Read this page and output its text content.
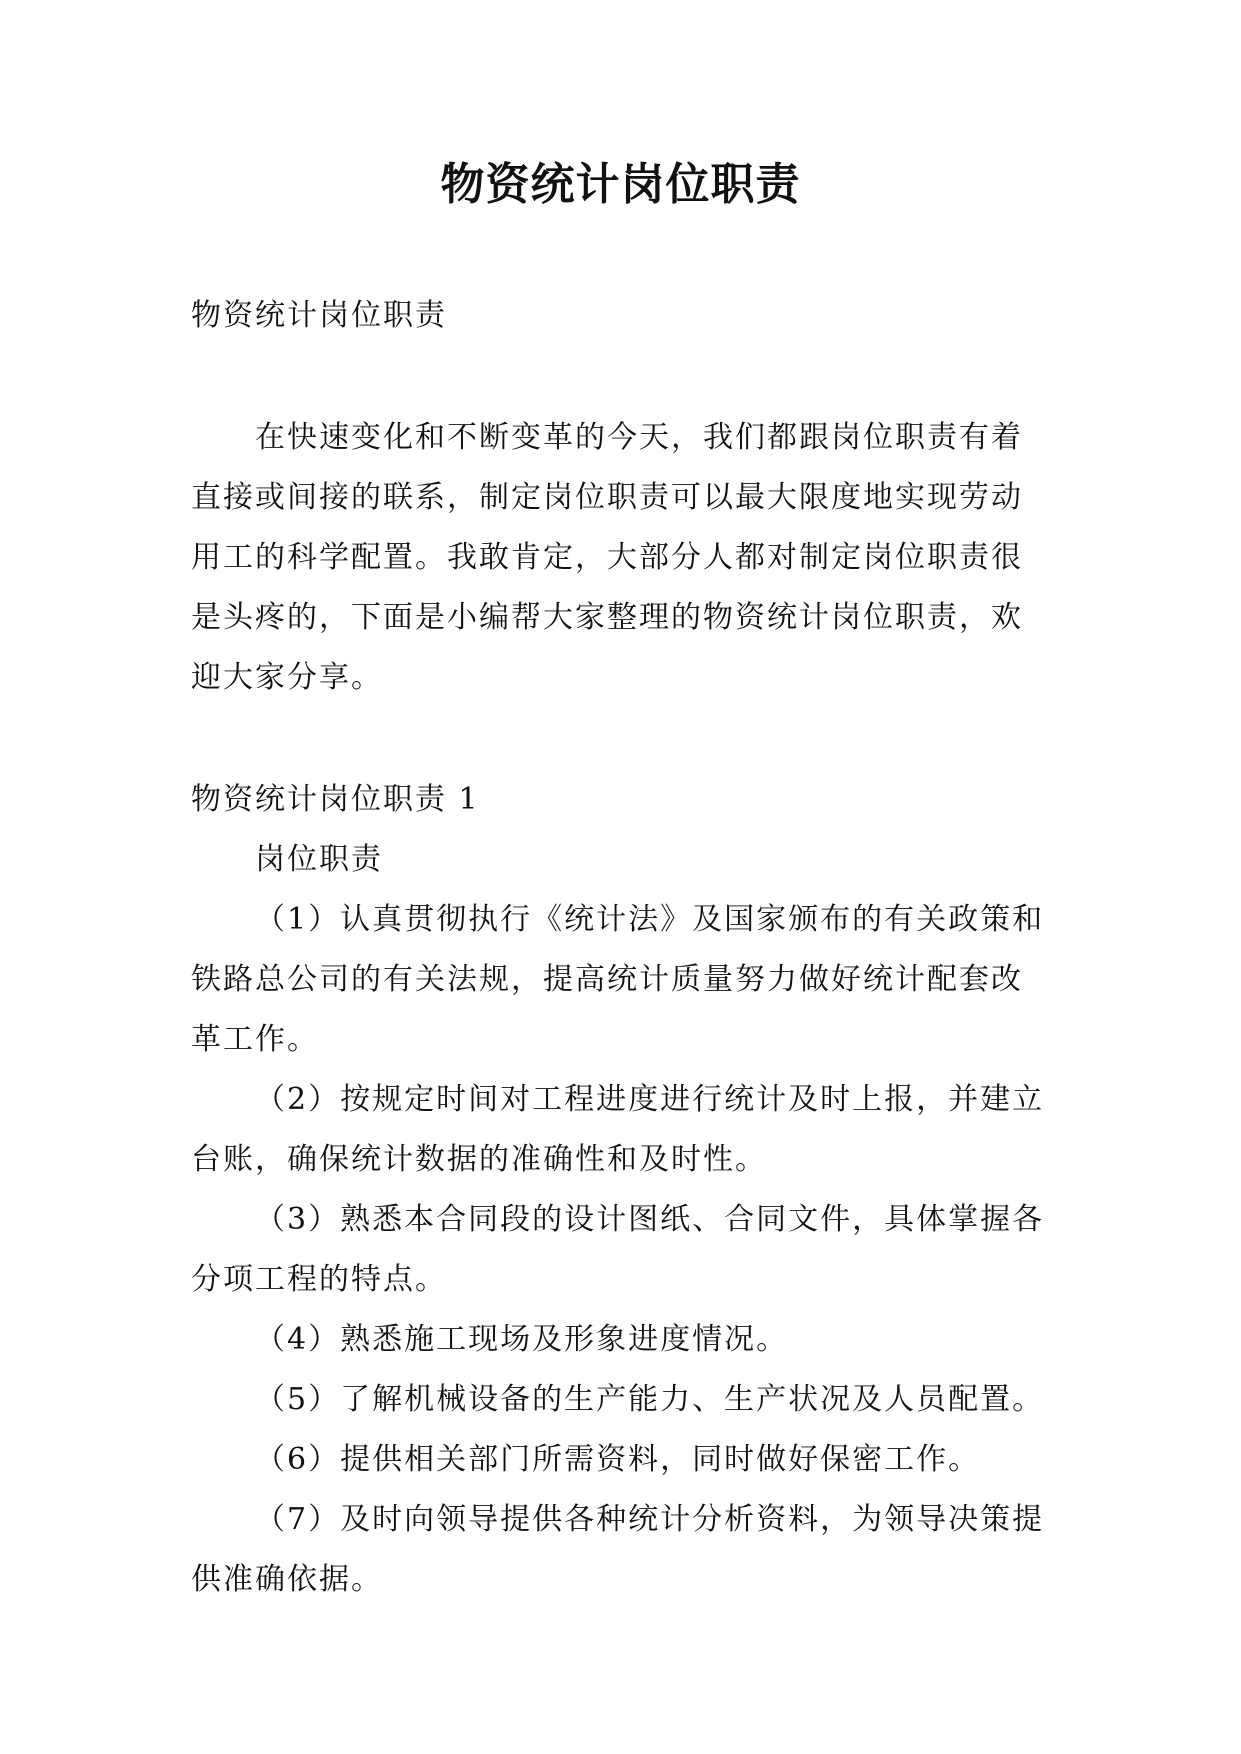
物资统计岗位职责

物资统计岗位职责

在快速变化和不断变革的今天，我们都跟岗位职责有着直接或间接的联系，制定岗位职责可以最大限度地实现劳动用工的科学配置。我敢肯定，大部分人都对制定岗位职责很是头疼的，下面是小编帮大家整理的物资统计岗位职责，欢迎大家分享。

物资统计岗位职责 1

岗位职责

（1）认真贯彻执行《统计法》及国家颁布的有关政策和铁路总公司的有关法规，提高统计质量努力做好统计配套改革工作。

（2）按规定时间对工程进度进行统计及时上报，并建立台账，确保统计数据的准确性和及时性。

（3）熟悉本合同段的设计图纸、合同文件，具体掌握各分项工程的特点。

（4）熟悉施工现场及形象进度情况。

（5）了解机械设备的生产能力、生产状况及人员配置。

（6）提供相关部门所需资料，同时做好保密工作。

（7）及时向领导提供各种统计分析资料，为领导决策提供准确依据。
